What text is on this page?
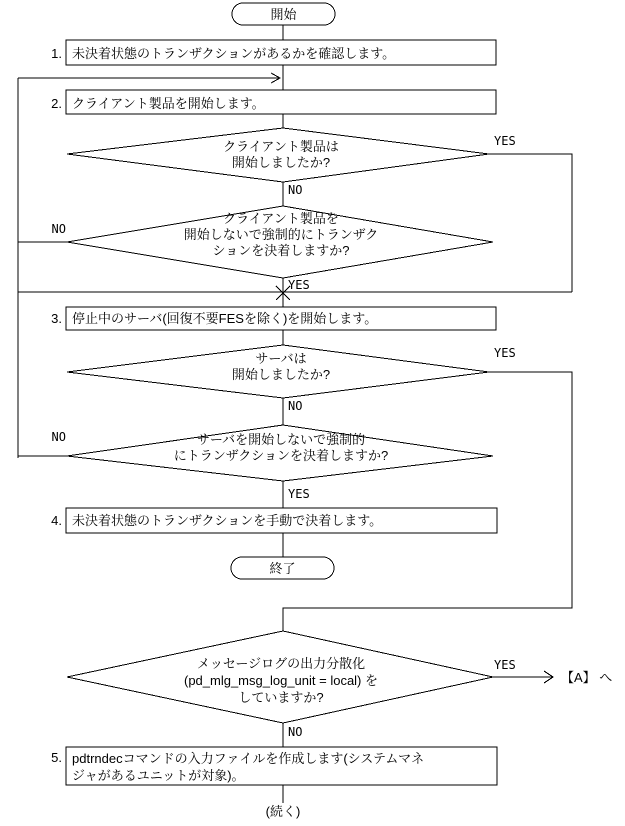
開始
終了
1.
2.
3.
4.
5.
未決着状態のトランザクションがあるかを確認します。
クライアント製品を開始します。
停止中のサーバ(回復不要FESを除く)を開始します。
未決着状態のトランザクションを手動で決着します。
pdtrndecコマンドの入力ファイルを作成します(システムマネ
ジャがあるユニットが対象)。
クライアント製品は
開始しましたか?
クライアント製品を
開始しないで強制的にトランザク
ションを決着しますか?
サーバは
開始しましたか?
サーバを開始しないで強制的
にトランザクションを決着しますか?
メッセージログの出力分散化
(pd_mlg_msg_log_unit = local) を
していますか?
YES
NO
NO
YES
YES
NO
NO
YES
YES
NO
【A】 へ
(続く)
